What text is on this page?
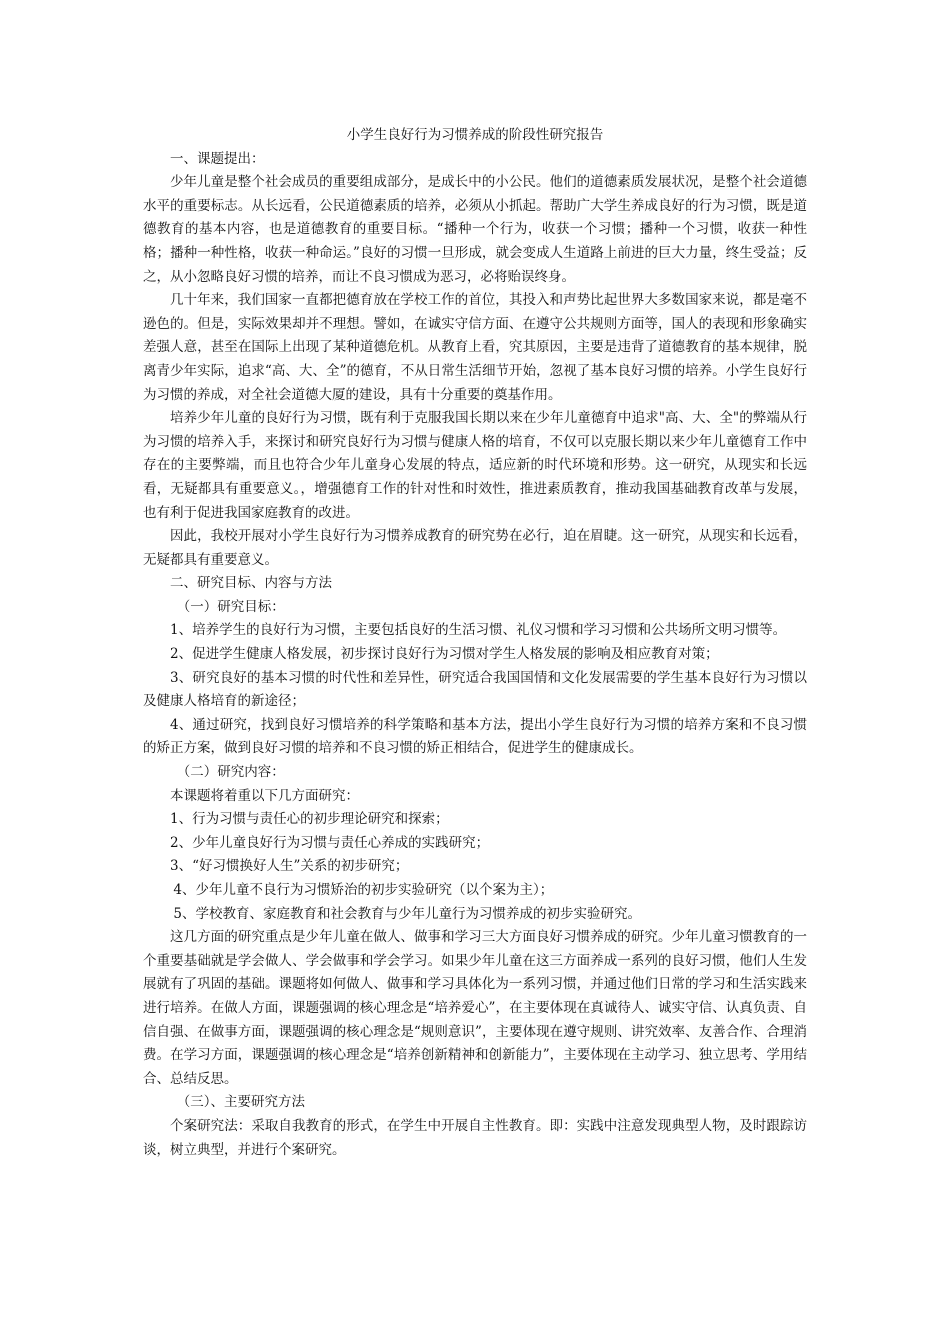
小学生良好行为习惯养成的阶段性研究报告

一、课题提出：

少年儿童是整个社会成员的重要组成部分，是成长中的小公民。他们的道德素质发展状况，是整个社会道德水平的重要标志。从长远看，公民道德素质的培养，必须从小抓起。帮助广大学生养成良好的行为习惯，既是道德教育的基本内容，也是道德教育的重要目标。“播种一个行为，收获一个习惯；播种一个习惯，收获一种性格；播种一种性格，收获一种命运。”良好的习惯一旦形成，就会变成人生道路上前进的巨大力量，终生受益；反之，从小忽略良好习惯的培养，而让不良习惯成为恶习，必将贻误终身。

几十年来，我们国家一直都把德育放在学校工作的首位，其投入和声势比起世界大多数国家来说，都是毫不逊色的。但是，实际效果却并不理想。譬如，在诚实守信方面、在遵守公共规则方面等，国人的表现和形象确实差强人意，甚至在国际上出现了某种道德危机。从教育上看，究其原因，主要是违背了道德教育的基本规律，脱离青少年实际，追求“高、大、全”的德育，不从日常生活细节开始，忽视了基本良好习惯的培养。小学生良好行为习惯的养成，对全社会道德大厦的建设，具有十分重要的奠基作用。

培养少年儿童的良好行为习惯，既有利于克服我国长期以来在少年儿童德育中追求"高、大、全"的弊端从行为习惯的培养入手，来探讨和研究良好行为习惯与健康人格的培育，不仅可以克服长期以来少年儿童德育工作中存在的主要弊端，而且也符合少年儿童身心发展的特点，适应新的时代环境和形势。这一研究，从现实和长远看，无疑都具有重要意义。，增强德育工作的针对性和时效性，推进素质教育，推动我国基础教育改革与发展，也有利于促进我国家庭教育的改进。

因此，我校开展对小学生良好行为习惯养成教育的研究势在必行，迫在眉睫。这一研究，从现实和长远看，无疑都具有重要意义。

二、研究目标、内容与方法

（一）研究目标：

1、培养学生的良好行为习惯，主要包括良好的生活习惯、礼仪习惯和学习习惯和公共场所文明习惯等。

2、促进学生健康人格发展，初步探讨良好行为习惯对学生人格发展的影响及相应教育对策；

3、研究良好的基本习惯的时代性和差异性，研究适合我国国情和文化发展需要的学生基本良好行为习惯以及健康人格培育的新途径；

4、通过研究，找到良好习惯培养的科学策略和基本方法，提出小学生良好行为习惯的培养方案和不良习惯的矫正方案，做到良好习惯的培养和不良习惯的矫正相结合，促进学生的健康成长。

（二）研究内容：

本课题将着重以下几方面研究：

1、行为习惯与责任心的初步理论研究和探索；

2、少年儿童良好行为习惯与责任心养成的实践研究；

3、“好习惯换好人生”关系的初步研究；

4、少年儿童不良行为习惯矫治的初步实验研究（以个案为主）；

5、学校教育、家庭教育和社会教育与少年儿童行为习惯养成的初步实验研究。

这几方面的研究重点是少年儿童在做人、做事和学习三大方面良好习惯养成的研究。少年儿童习惯教育的一个重要基础就是学会做人、学会做事和学会学习。如果少年儿童在这三方面养成一系列的良好习惯，他们人生发展就有了巩固的基础。课题将如何做人、做事和学习具体化为一系列习惯，并通过他们日常的学习和生活实践来进行培养。在做人方面，课题强调的核心理念是“培养爱心”，在主要体现在真诚待人、诚实守信、认真负责、自信自强、在做事方面，课题强调的核心理念是“规则意识”，主要体现在遵守规则、讲究效率、友善合作、合理消费。在学习方面，课题强调的核心理念是“培养创新精神和创新能力”，主要体现在主动学习、独立思考、学用结合、总结反思。

（三）、主要研究方法

个案研究法：采取自我教育的形式，在学生中开展自主性教育。即：实践中注意发现典型人物，及时跟踪访谈，树立典型，并进行个案研究。
